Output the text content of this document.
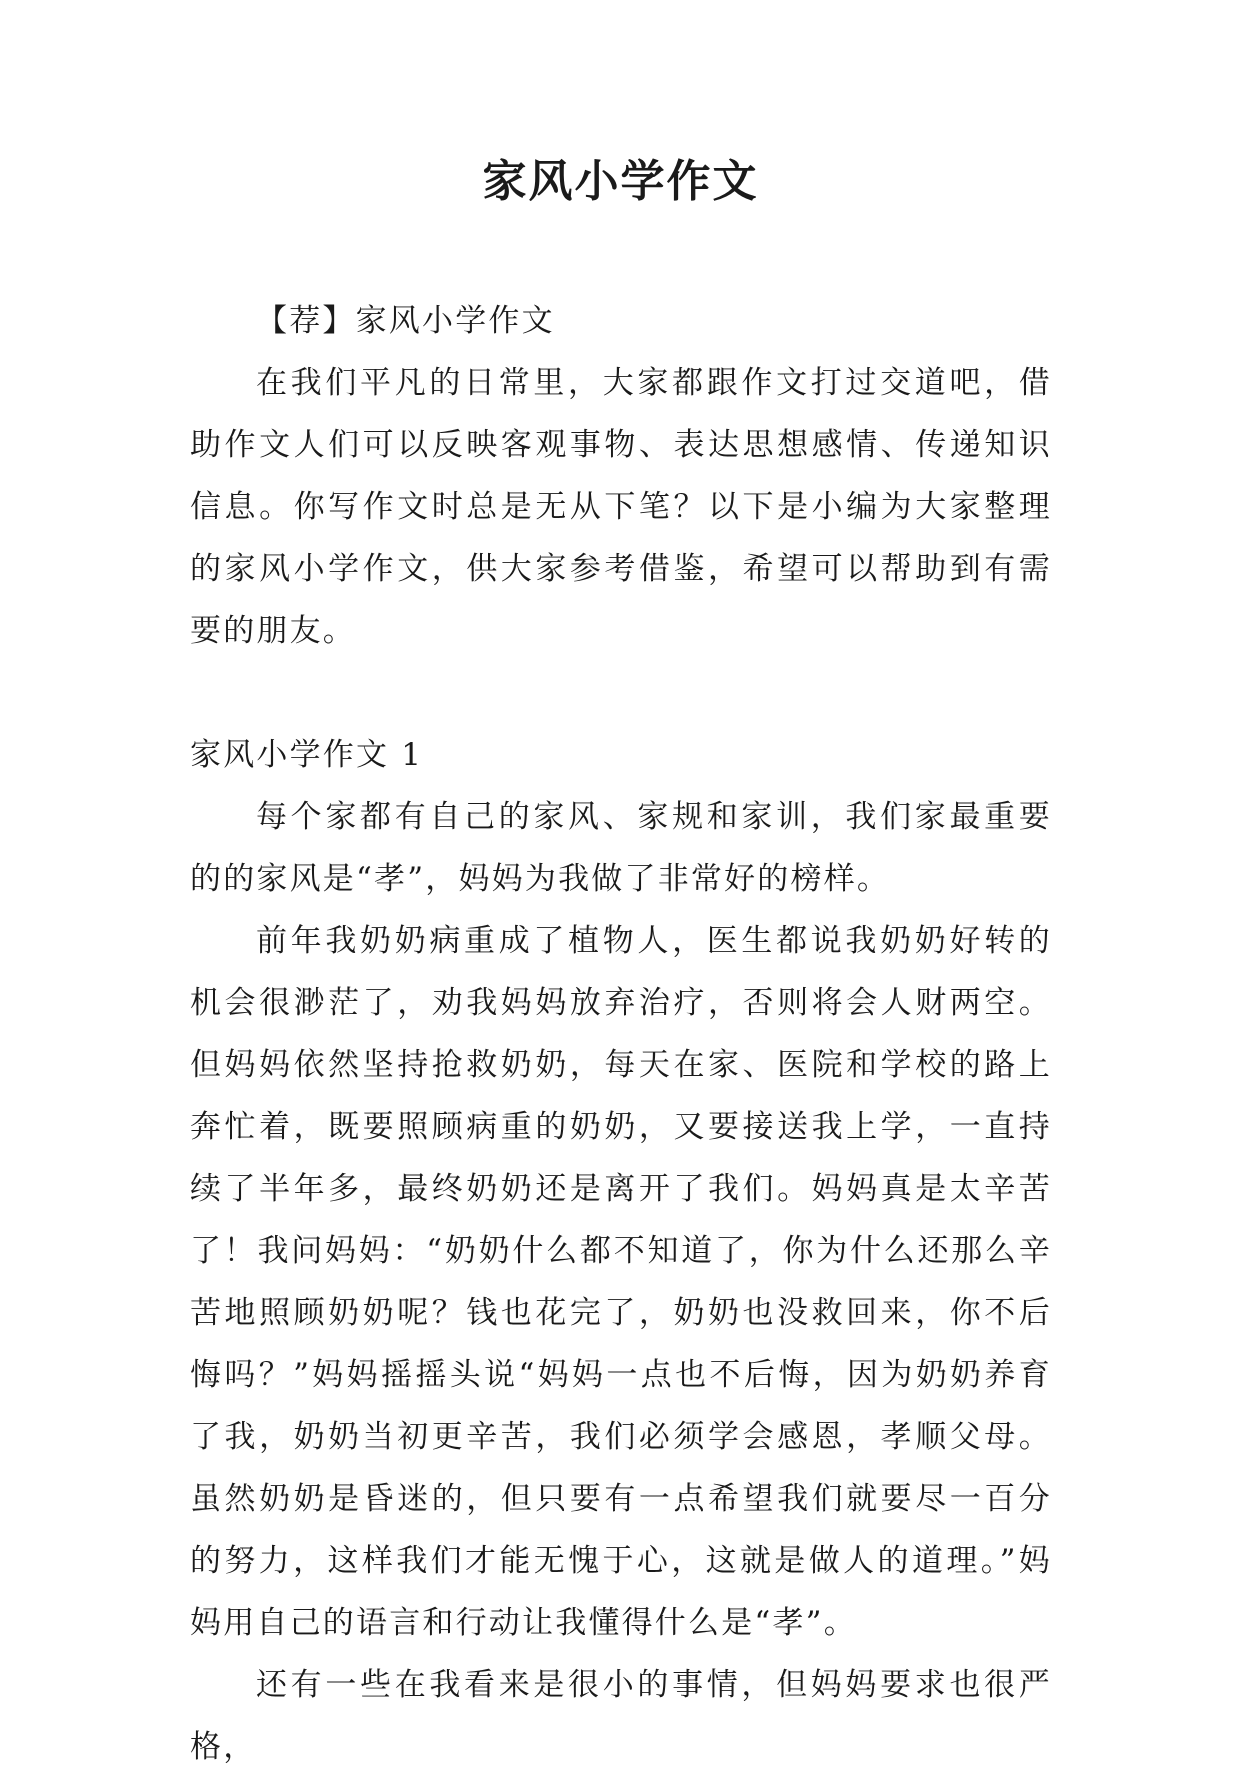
家风小学作文

【荐】家风小学作文

在我们平凡的日常里，大家都跟作文打过交道吧，借助作文人们可以反映客观事物、表达思想感情、传递知识信息。你写作文时总是无从下笔？以下是小编为大家整理的家风小学作文，供大家参考借鉴，希望可以帮助到有需要的朋友。

家风小学作文 1

每个家都有自己的家风、家规和家训，我们家最重要的的家风是“孝”，妈妈为我做了非常好的榜样。

前年我奶奶病重成了植物人，医生都说我奶奶好转的机会很渺茫了，劝我妈妈放弃治疗，否则将会人财两空。但妈妈依然坚持抢救奶奶，每天在家、医院和学校的路上奔忙着，既要照顾病重的奶奶，又要接送我上学，一直持续了半年多，最终奶奶还是离开了我们。妈妈真是太辛苦了！我问妈妈：“奶奶什么都不知道了，你为什么还那么辛苦地照顾奶奶呢？钱也花完了，奶奶也没救回来，你不后悔吗？”妈妈摇摇头说“妈妈一点也不后悔，因为奶奶养育了我，奶奶当初更辛苦，我们必须学会感恩，孝顺父母。虽然奶奶是昏迷的，但只要有一点希望我们就要尽一百分的努力，这样我们才能无愧于心，这就是做人的道理。”妈妈用自己的语言和行动让我懂得什么是“孝”。

还有一些在我看来是很小的事情，但妈妈要求也很严格，
